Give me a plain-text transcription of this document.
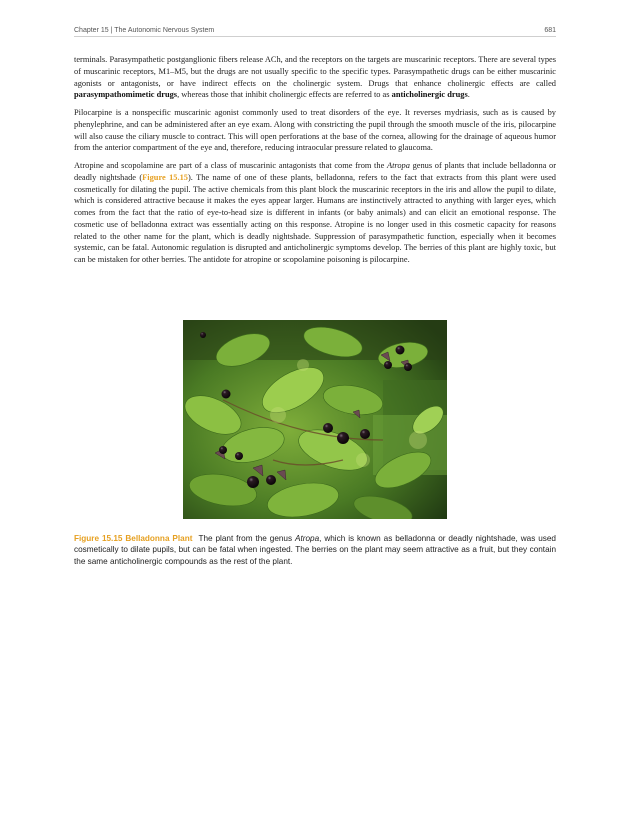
Chapter 15 | The Autonomic Nervous System	681

terminals. Parasympathetic postganglionic fibers release ACh, and the receptors on the targets are muscarinic receptors. There are several types of muscarinic receptors, M1–M5, but the drugs are not usually specific to the specific types. Parasympathetic drugs can be either muscarinic agonists or antagonists, or have indirect effects on the cholinergic system. Drugs that enhance cholinergic effects are called parasympathomimetic drugs, whereas those that inhibit cholinergic effects are referred to as anticholinergic drugs.

Pilocarpine is a nonspecific muscarinic agonist commonly used to treat disorders of the eye. It reverses mydriasis, such as is caused by phenylephrine, and can be administered after an eye exam. Along with constricting the pupil through the smooth muscle of the iris, pilocarpine will also cause the ciliary muscle to contract. This will open perforations at the base of the cornea, allowing for the drainage of aqueous humor from the anterior compartment of the eye and, therefore, reducing intraocular pressure related to glaucoma.

Atropine and scopolamine are part of a class of muscarinic antagonists that come from the Atropa genus of plants that include belladonna or deadly nightshade (Figure 15.15). The name of one of these plants, belladonna, refers to the fact that extracts from this plant were used cosmetically for dilating the pupil. The active chemicals from this plant block the muscarinic receptors in the iris and allow the pupil to dilate, which is considered attractive because it makes the eyes appear larger. Humans are instinctively attracted to anything with larger eyes, which comes from the fact that the ratio of eye-to-head size is different in infants (or baby animals) and can elicit an emotional response. The cosmetic use of belladonna extract was essentially acting on this response. Atropine is no longer used in this cosmetic capacity for reasons related to the other name for the plant, which is deadly nightshade. Suppression of parasympathetic function, especially when it becomes systemic, can be fatal. Autonomic regulation is disrupted and anticholinergic symptoms develop. The berries of this plant are highly toxic, but can be mistaken for other berries. The antidote for atropine or scopolamine poisoning is pilocarpine.

Figure 15.15 Belladonna Plant The plant from the genus Atropa, which is known as belladonna or deadly nightshade, was used cosmetically to dilate pupils, but can be fatal when ingested. The berries on the plant may seem attractive as a fruit, but they contain the same anticholinergic compounds as the rest of the plant.
